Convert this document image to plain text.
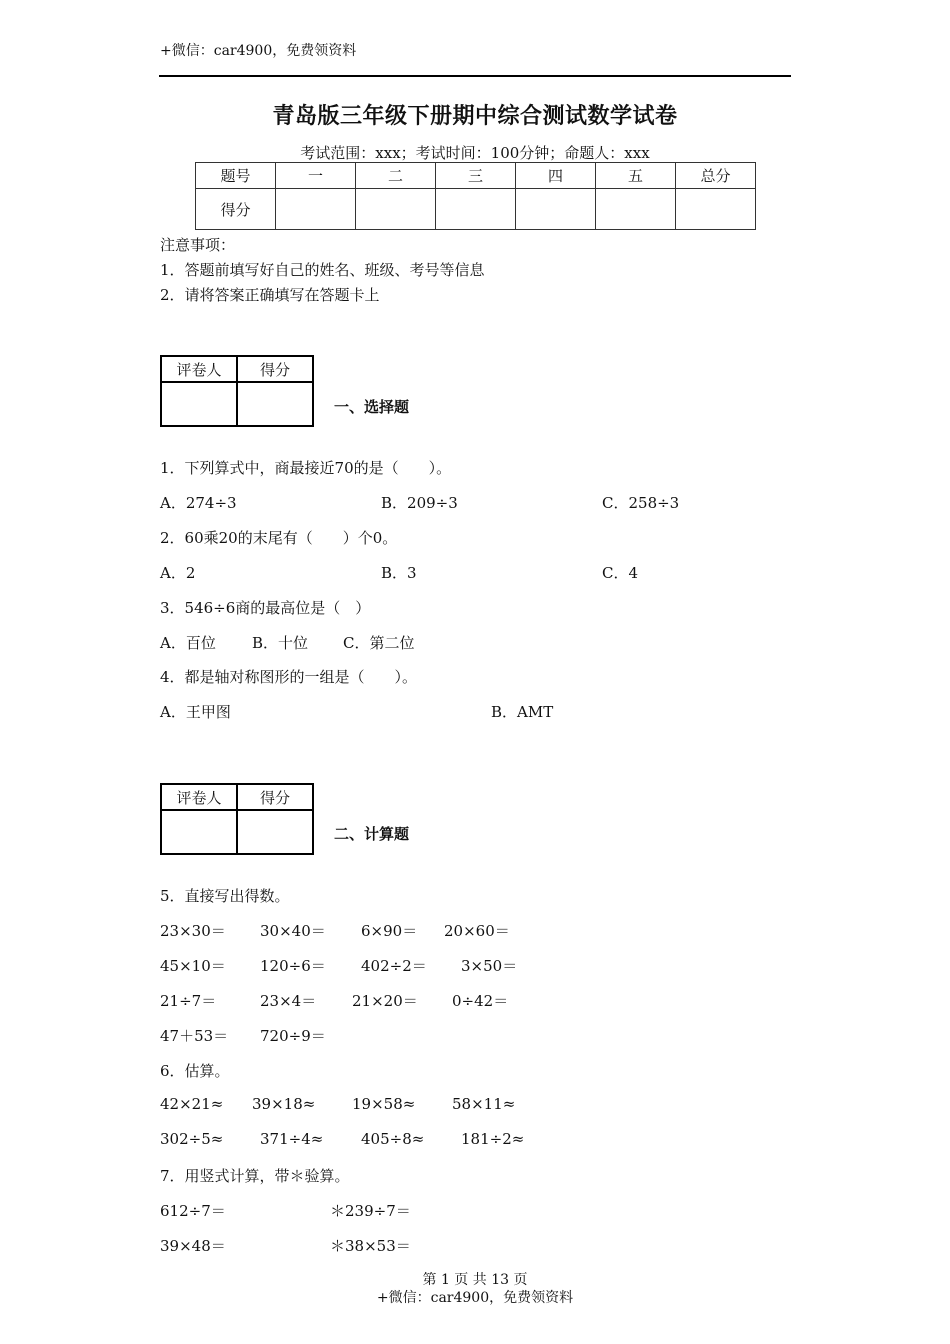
+微信：car4900，免费领资料
青岛版三年级下册期中综合测试数学试卷
考试范围：xxx；考试时间：100分钟；命题人：xxx
题号	一	二	三	四	五	总分
得分						
注意事项：
1．答题前填写好自己的姓名、班级、考号等信息
2．请将答案正确填写在答题卡上
评卷人	得分

一、选择题
1．下列算式中，商最接近70的是（　　）。
A．274÷3	B．209÷3	C．258÷3
2．60乘20的末尾有（　　）个0。
A．2	B．3	C．4
3．546÷6商的最高位是（　）
A．百位 B．十位 C．第二位
4．都是轴对称图形的一组是（　　）。
A．王甲图	B．AMT
评卷人	得分

二、计算题
5．直接写出得数。
23×30＝ 30×40＝ 6×90＝ 20×60＝
45×10＝ 120÷6＝ 402÷2＝ 3×50＝
21÷7＝	23×4＝ 21×20＝ 0÷42＝
47＋53＝ 720÷9＝
6．估算。
42×21≈ 39×18≈ 19×58≈ 58×11≈
302÷5≈ 371÷4≈	405÷8≈ 181÷2≈
7．用竖式计算，带＊验算。
612÷7＝	＊239÷7＝
39×48＝	＊38×53＝
第 1 页 共 13 页
+微信：car4900，免费领资料
